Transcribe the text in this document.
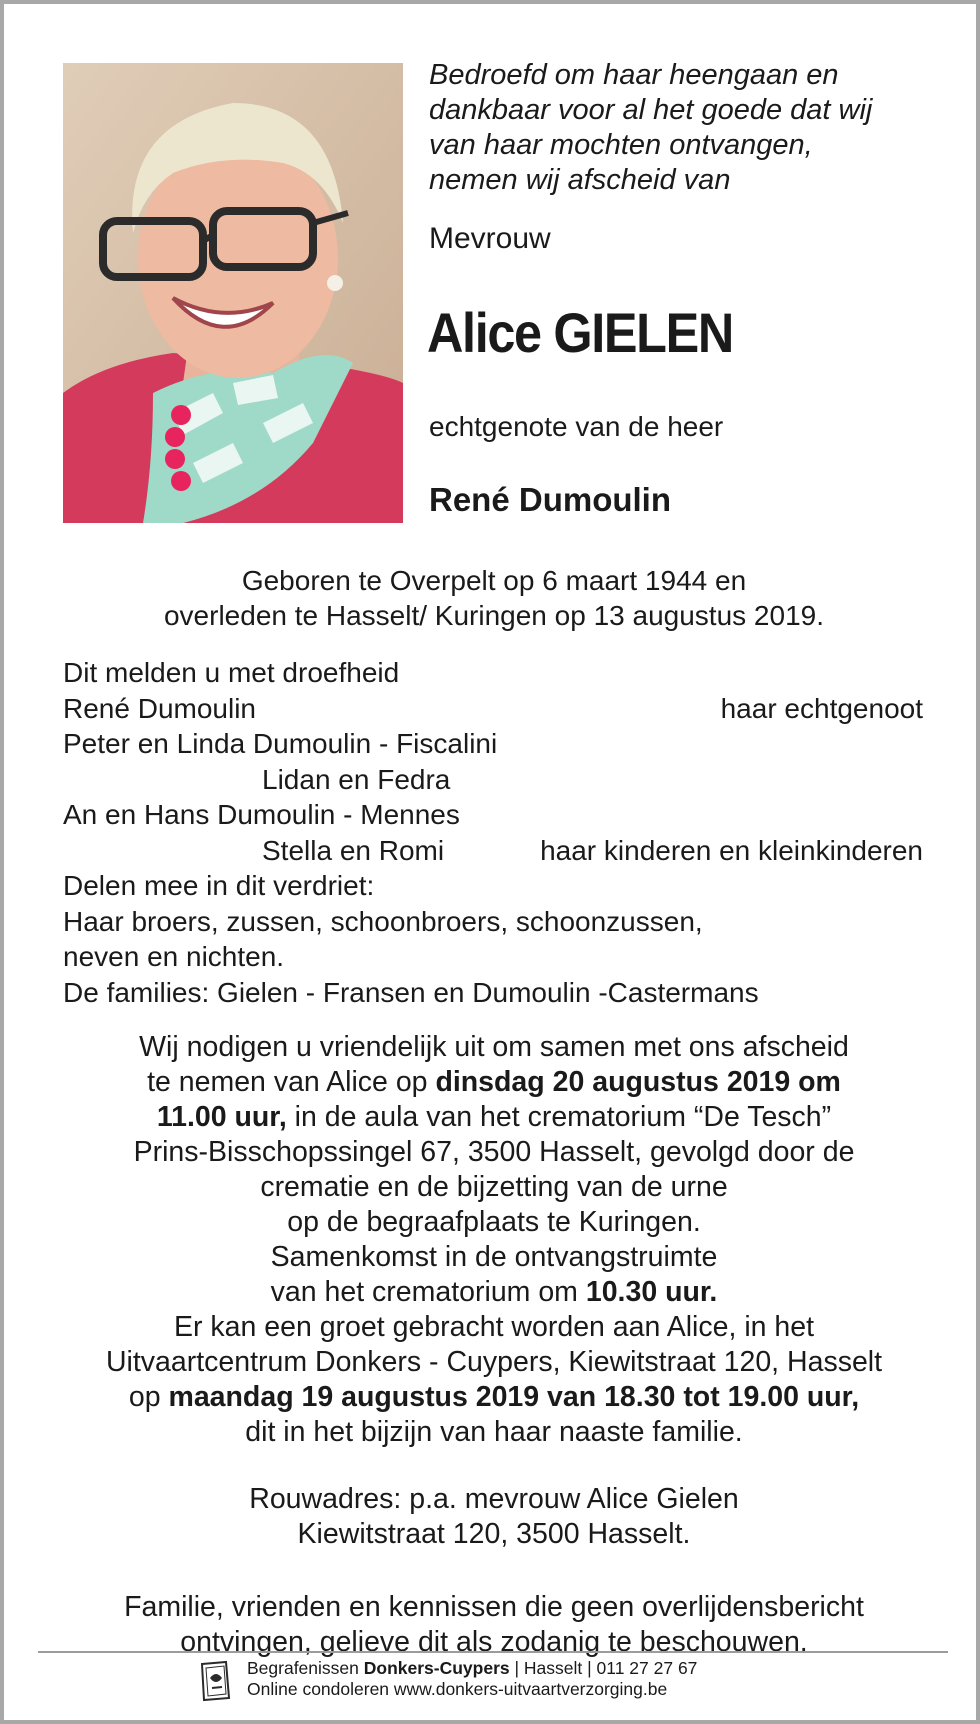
Bedroefd om haar heengaan en
dankbaar voor al het goede dat wij
van haar mochten ontvangen,
nemen wij afscheid van
Mevrouw
Alice GIELEN
echtgenote van de heer
René Dumoulin
Geboren te Overpelt op 6 maart 1944 en
overleden te Hasselt/ Kuringen op 13 augustus 2019.
Dit melden u met droefheid
René Dumoulin	haar echtgenoot
Peter en Linda Dumoulin - Fiscalini
Lidan en Fedra
An en Hans Dumoulin - Mennes
Stella en Romi	haar kinderen en kleinkinderen
Delen mee in dit verdriet:
Haar broers, zussen, schoonbroers, schoonzussen,
neven en nichten.
De families: Gielen - Fransen en Dumoulin -Castermans
Wij nodigen u vriendelijk uit om samen met ons afscheid
te nemen van Alice op dinsdag 20 augustus 2019 om
11.00 uur, in de aula van het crematorium “De Tesch”
Prins-Bisschopssingel 67, 3500 Hasselt, gevolgd door de
crematie en de bijzetting van de urne
op de begraafplaats te Kuringen.
Samenkomst in de ontvangstruimte
van het crematorium om 10.30 uur.
Er kan een groet gebracht worden aan Alice, in het
Uitvaartcentrum Donkers - Cuypers, Kiewitstraat 120, Hasselt
op maandag 19 augustus 2019 van 18.30 tot 19.00 uur,
dit in het bijzijn van haar naaste familie.
Rouwadres: p.a. mevrouw Alice Gielen
Kiewitstraat 120, 3500 Hasselt.
Familie, vrienden en kennissen die geen overlijdensbericht
ontvingen, gelieve dit als zodanig te beschouwen.
Begrafenissen Donkers-Cuypers | Hasselt | 011 27 27 67
Online condoleren www.donkers-uitvaartverzorging.be
